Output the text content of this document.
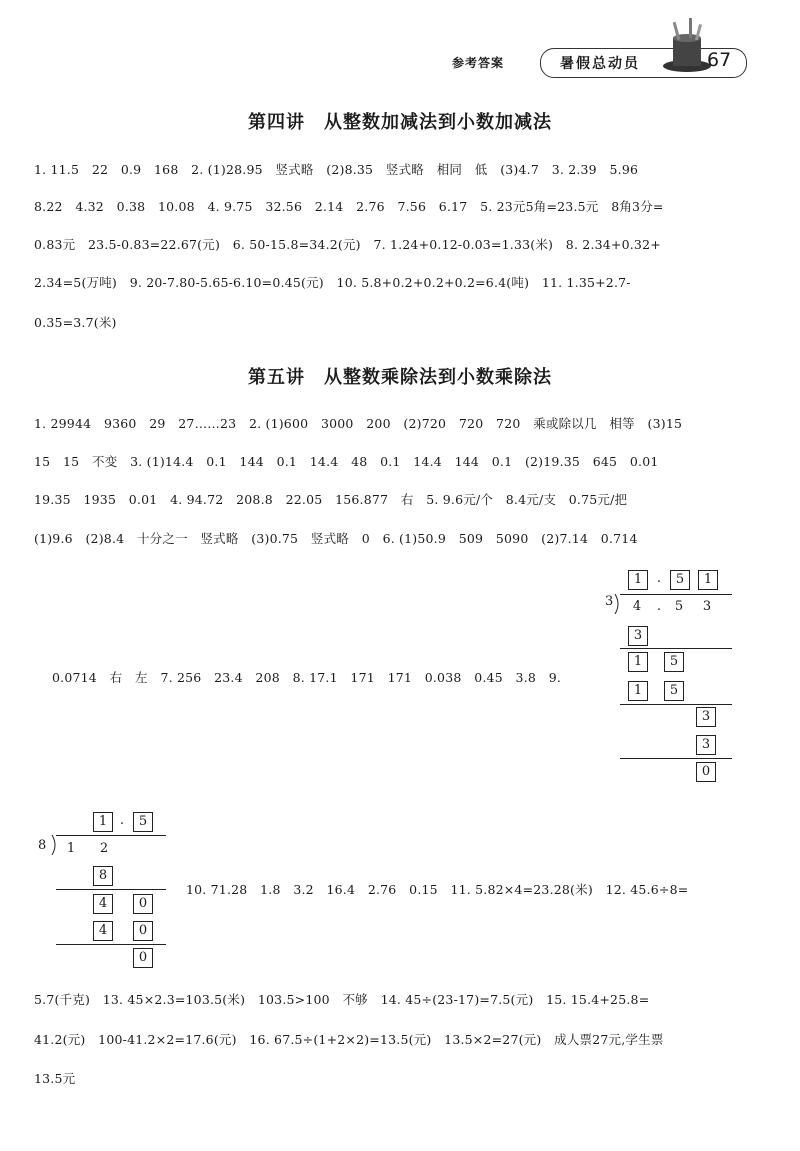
参考答案	暑假总动员	67
第四讲　从整数加减法到小数加减法
1. 11.5　22　0.9　168　2. (1)28.95　竖式略　(2)8.35　竖式略　相同　低　(3)4.7　3. 2.39　5.96
8.22　4.32　0.38　10.08　4. 9.75　32.56　2.14　2.76　7.56　6.17　5. 23元5角=23.5元　8角3分=
0.83元　23.5-0.83=22.67(元)　6. 50-15.8=34.2(元)　7. 1.24+0.12-0.03=1.33(米)　8. 2.34+0.32+
2.34=5(万吨)　9. 20-7.80-5.65-6.10=0.45(元)　10. 5.8+0.2+0.2+0.2=6.4(吨)　11. 1.35+2.7-
0.35=3.7(米)
第五讲　从整数乘除法到小数乘除法
1. 29944　9360　29　27……23　2. (1)600　3000　200　(2)720　720　720　乘或除以几　相等　(3)15
15　15　不变　3. (1)14.4　0.1　144　0.1　14.4　48　0.1　14.4　144　0.1　(2)19.35　645　0.01
19.35　1935　0.01　4. 94.72　208.8　22.05　156.877　右　5. 9.6元/个　8.4元/支　0.75元/把
(1)9.6　(2)8.4　十分之一　竖式略　(3)0.75　竖式略　0　6. (1)50.9　509　5090　(2)7.14　0.714
0.0714　右　左　7. 256　23.4　208　8. 17.1　171　171　0.038　0.45　3.8　9.
10. 71.28　1.8　3.2　16.4　2.76　0.15　11. 5.82×4=23.28(米)　12. 45.6÷8=
5.7(千克)　13. 45×2.3=103.5(米)　103.5>100　不够　14. 45÷(23-17)=7.5(元)　15. 15.4+25.8=
41.2(元)　100-41.2×2=17.6(元)　16. 67.5÷(1+2×2)=13.5(元)　13.5×2=27(元)　成人票27元,学生票
13.5元
1	.	5	1
3	4	.	5	3
3
1	5
1	5
3
3
0
1 .	5
8	1	2
8
4	0
4	0
0
